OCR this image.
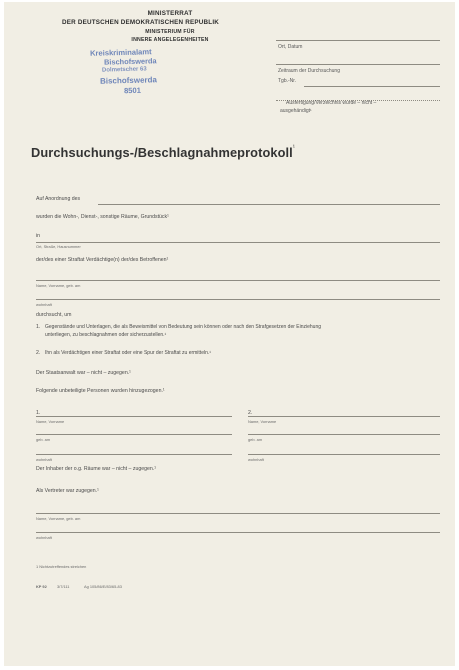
MINISTERRAT
DER DEUTSCHEN DEMOKRATISCHEN REPUBLIK
MINISTERIUM FÜR
INNERE ANGELEGENHEITEN
Kreiskriminalamt
Bischofswerda
Dolmetscher 63
Bischofswerda
8501
Ort, Datum
Zeitraum der Durchsuchung
Tgb.-Nr.
Ausfertigung/Verzeichnis wurde – nicht –
ausgehändigt¹
Durchsuchungs-/Beschlagnahmeprotokoll$^{^1}$
Auf Anordnung des
wurden die Wohn-, Dienst-, sonstige Räume, Grundstück¹
in
Ort, Straße, Hausnummer
der/des einer Straftat Verdächtige(n) der/des Betroffenen¹
Name, Vorname, geb. am
wohnhaft
durchsucht, um
1. Gegenstände und Unterlagen, die als Beweismittel von Bedeutung sein können oder nach den Strafgesetzen der Einziehung
unterliegen, zu beschlagnahmen oder sicherzustellen.¹
2. Ihn als Verdächtigen einer Straftat oder eine Spur der Straftat zu ermitteln.¹
Der Staatsanwalt war – nicht – zugegen.¹
Folgende unbeteiligte Personen wurden hinzugezogen.¹
1.
Name, Vorname
geb. am
wohnhaft
2.
Name, Vorname
geb. am
wohnhaft
Der Inhaber der o.g. Räume war – nicht – zugegen.¹
Als Vertreter war zugegen.¹
Name, Vorname, geb. am
wohnhaft
1 Nichtzutreffendes streichen
KP 92	3/7/111	Ag 105/86/E/83/65-83
